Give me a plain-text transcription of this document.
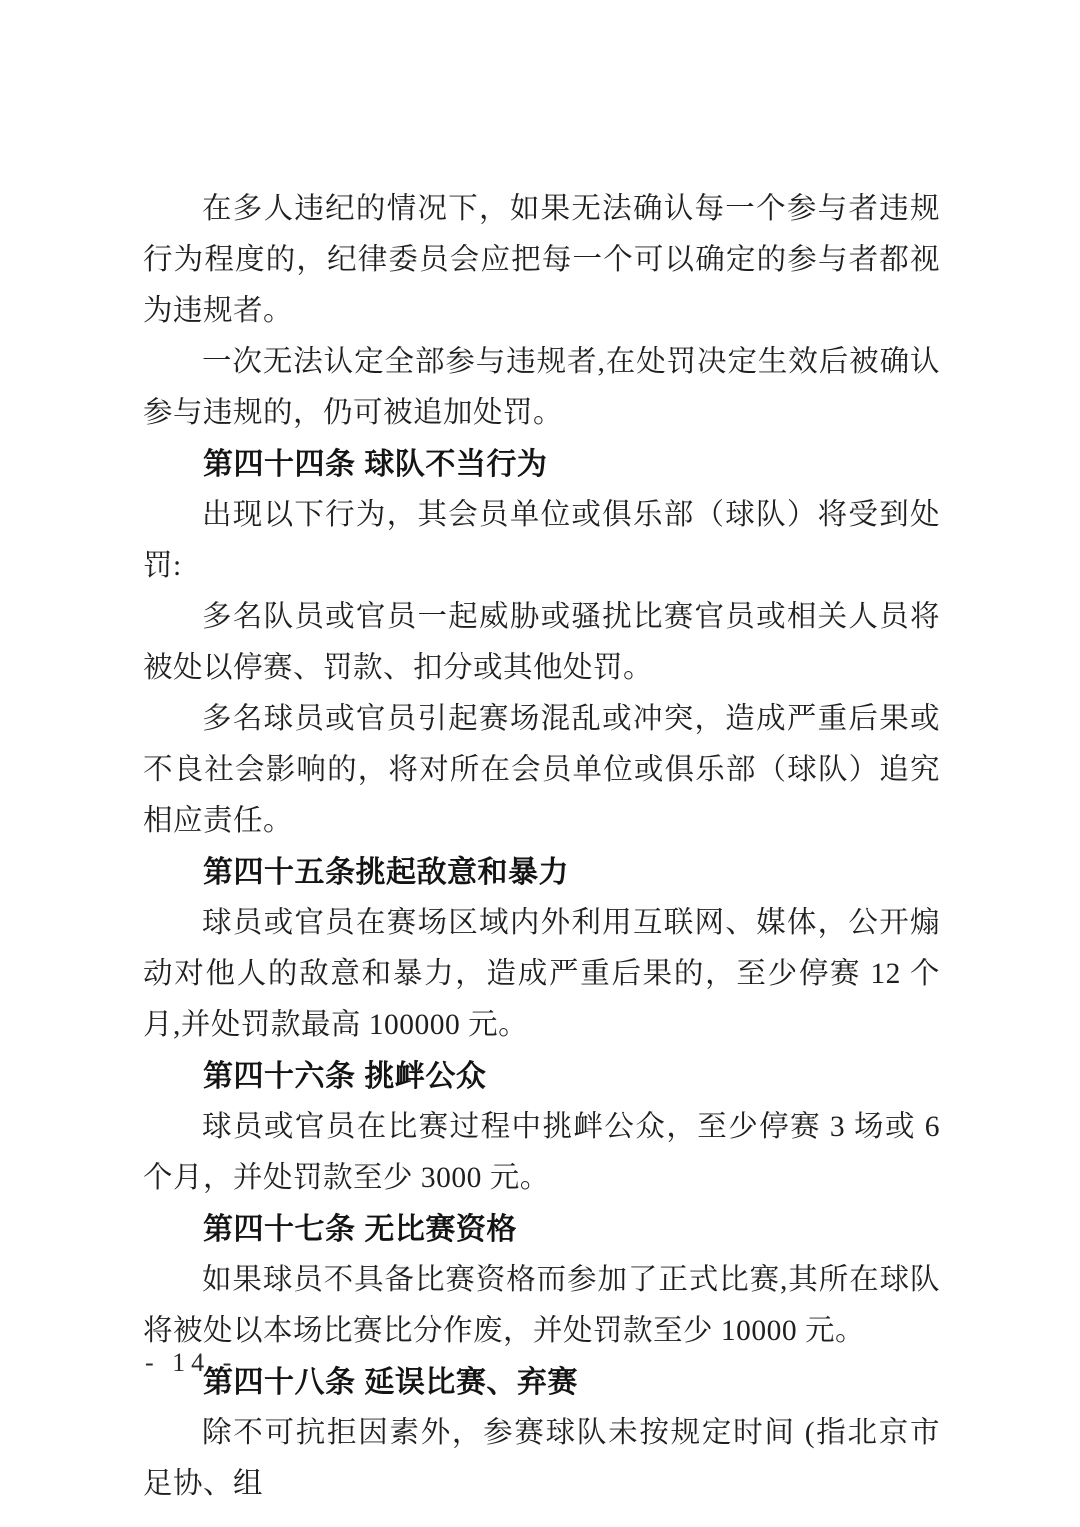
在多人违纪的情况下，如果无法确认每一个参与者违规行为程度的，纪律委员会应把每一个可以确定的参与者都视为违规者。

一次无法认定全部参与违规者,在处罚决定生效后被确认参与违规的，仍可被追加处罚。

第四十四条 球队不当行为

出现以下行为，其会员单位或俱乐部（球队）将受到处罚:

多名队员或官员一起威胁或骚扰比赛官员或相关人员将被处以停赛、罚款、扣分或其他处罚。

多名球员或官员引起赛场混乱或冲突，造成严重后果或不良社会影响的，将对所在会员单位或俱乐部（球队）追究相应责任。

第四十五条挑起敌意和暴力

球员或官员在赛场区域内外利用互联网、媒体，公开煽动对他人的敌意和暴力，造成严重后果的，至少停赛 12 个月,并处罚款最高 100000 元。

第四十六条 挑衅公众

球员或官员在比赛过程中挑衅公众，至少停赛 3 场或 6 个月，并处罚款至少 3000 元。

第四十七条 无比赛资格

如果球员不具备比赛资格而参加了正式比赛,其所在球队将被处以本场比赛比分作废，并处罚款至少 10000 元。

第四十八条 延误比赛、弃赛

除不可抗拒因素外，参赛球队未按规定时间 (指北京市足协、组

- 14 -
